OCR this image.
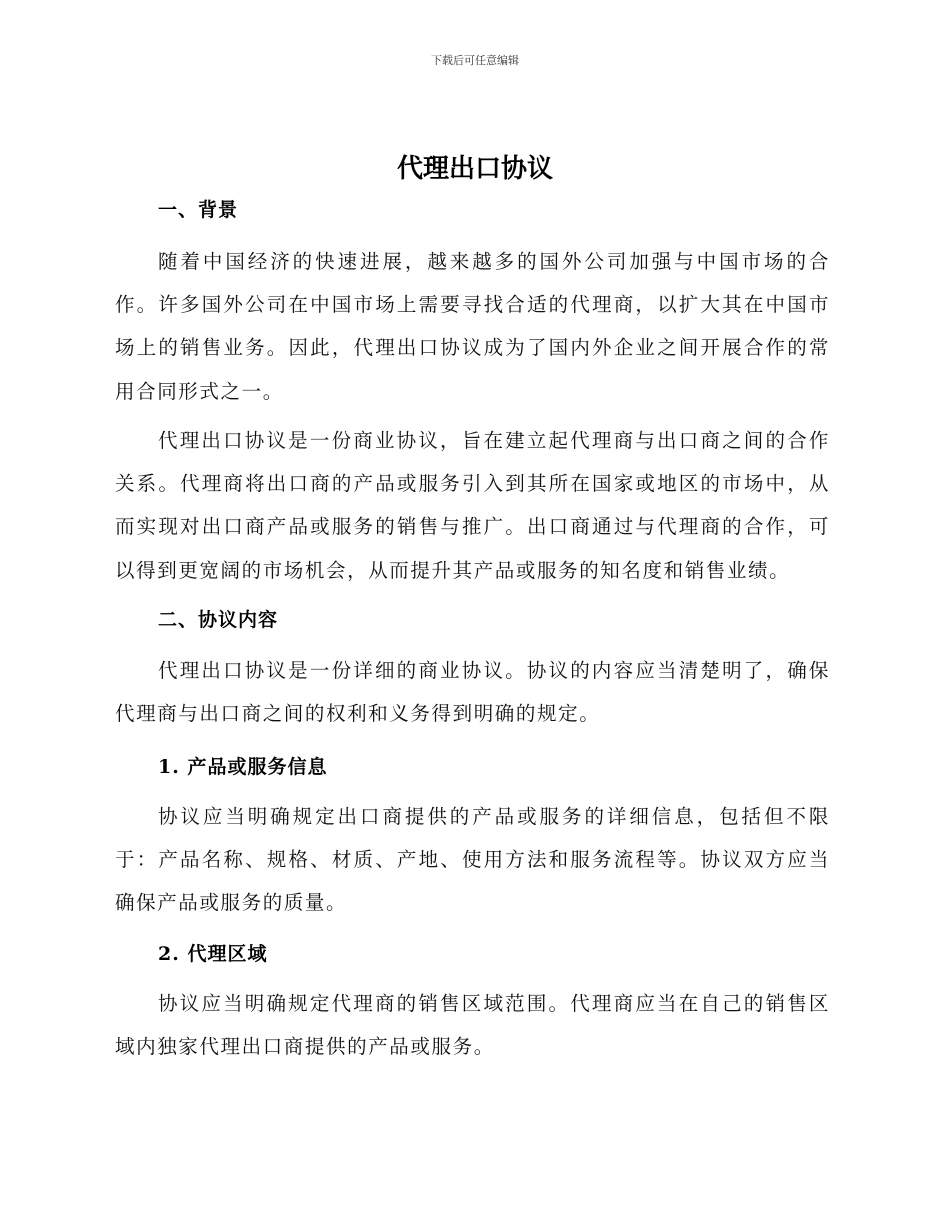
下载后可任意编辑
代理出口协议
一、背景

随着中国经济的快速进展，越来越多的国外公司加强与中国市场的合作。许多国外公司在中国市场上需要寻找合适的代理商，以扩大其在中国市场上的销售业务。因此，代理出口协议成为了国内外企业之间开展合作的常用合同形式之一。

代理出口协议是一份商业协议，旨在建立起代理商与出口商之间的合作关系。代理商将出口商的产品或服务引入到其所在国家或地区的市场中，从而实现对出口商产品或服务的销售与推广。出口商通过与代理商的合作，可以得到更宽阔的市场机会，从而提升其产品或服务的知名度和销售业绩。

二、协议内容

代理出口协议是一份详细的商业协议。协议的内容应当清楚明了，确保代理商与出口商之间的权利和义务得到明确的规定。

1. 产品或服务信息

协议应当明确规定出口商提供的产品或服务的详细信息，包括但不限于：产品名称、规格、材质、产地、使用方法和服务流程等。协议双方应当确保产品或服务的质量。

2. 代理区域

协议应当明确规定代理商的销售区域范围。代理商应当在自己的销售区域内独家代理出口商提供的产品或服务。
